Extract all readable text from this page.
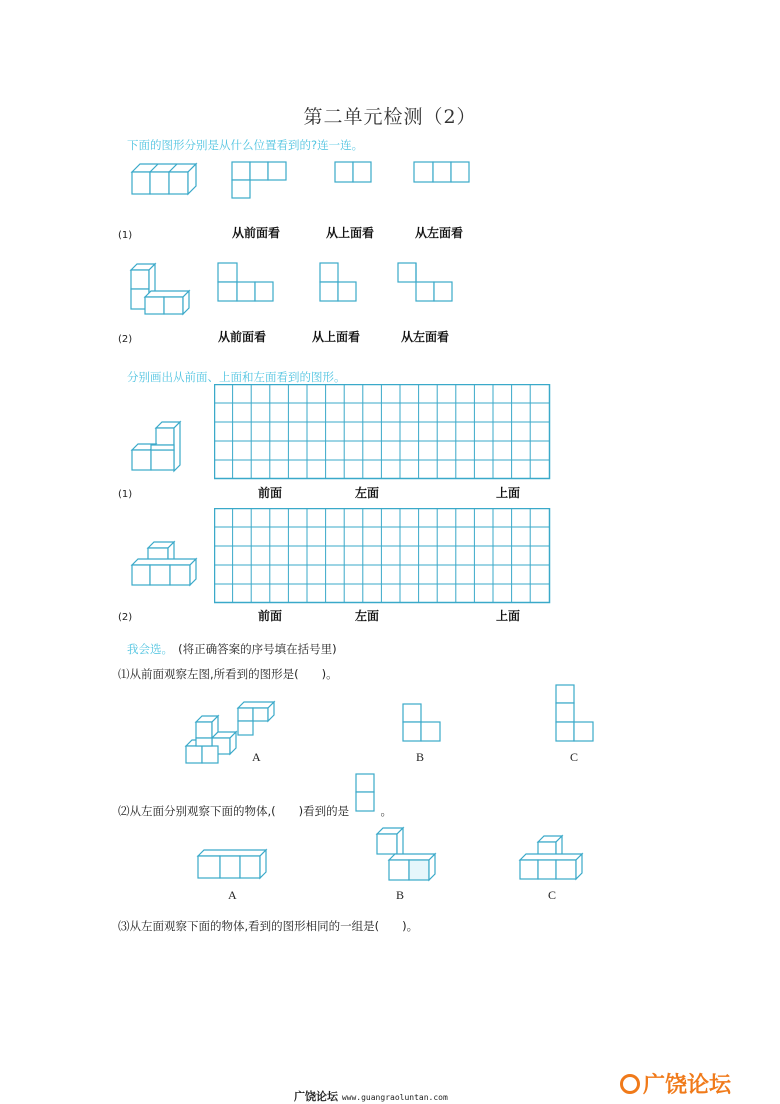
第二单元检测（2）
下面的图形分别是从什么位置看到的?连一连。
(1)	从前面看	从上面看	从左面看
(2)	从前面看	从上面看	从左面看
分别画出从前面、上面和左面看到的图形。
(1)	前面	左面	上面
(2)	前面	左面	上面
我会选。 (将正确答案的序号填在括号里)
⑴从前面观察左图,所看到的图形是(　　)。
A	B	C
⑵从左面分别观察下面的物体,(　　)看到的是	。
A	B	C
⑶从左面观察下面的物体,看到的图形相同的一组是(　　)。
广饶论坛 www.guangraoluntan.com	广饶论坛
